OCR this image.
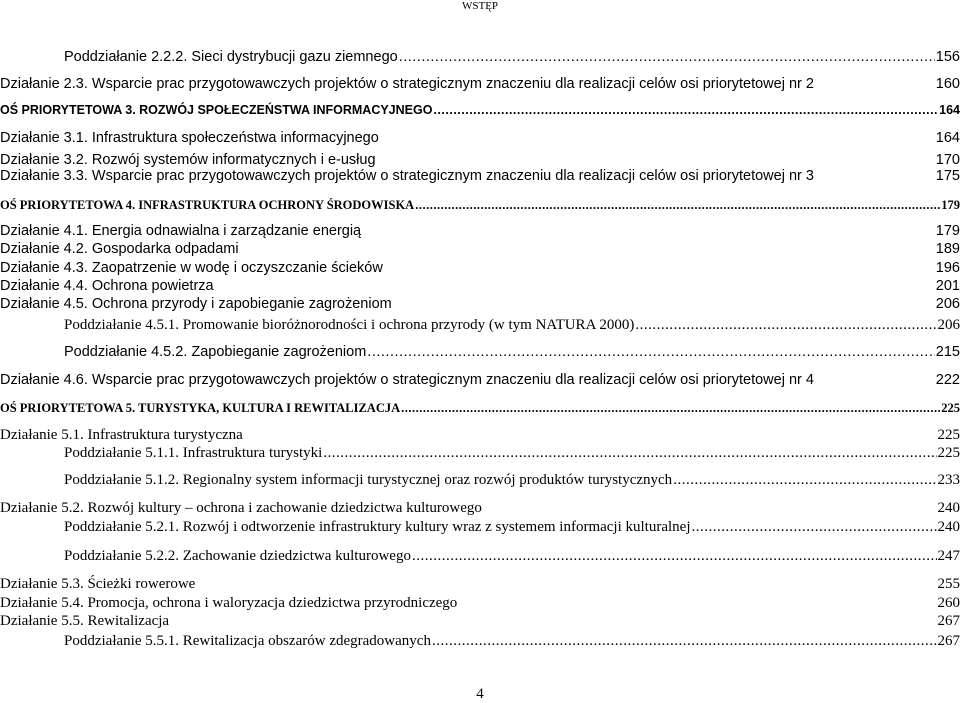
WSTĘP
Poddziałanie 2.2.2. Sieci dystrybucji gazu ziemnego .....	156
Działanie 2.3. Wsparcie prac przygotowawczych projektów o strategicznym znaczeniu dla realizacji celów osi priorytetowej nr 2	160
OŚ PRIORYTETOWA 3. ROZWÓJ SPOŁECZEŃSTWA INFORMACYJNEGO .....	164
Działanie 3.1. Infrastruktura społeczeństwa informacyjnego	164
Działanie 3.2. Rozwój systemów informatycznych i e-usług	170
Działanie 3.3. Wsparcie prac przygotowawczych projektów o strategicznym znaczeniu dla realizacji celów osi priorytetowej nr 3	175
OŚ PRIORYTETOWA 4. INFRASTRUKTURA OCHRONY ŚRODOWISKA .....	179
Działanie 4.1. Energia odnawialna i zarządzanie energią	179
Działanie 4.2. Gospodarka odpadami	189
Działanie 4.3. Zaopatrzenie w wodę i oczyszczanie ścieków	196
Działanie 4.4. Ochrona powietrza	201
Działanie 4.5. Ochrona przyrody i zapobieganie zagrożeniom	206
Poddziałanie 4.5.1. Promowanie bioróżnorodności i ochrona przyrody (w tym NATURA 2000) .....	206
Poddziałanie 4.5.2. Zapobieganie zagrożeniom .....	215
Działanie 4.6. Wsparcie prac przygotowawczych projektów o strategicznym znaczeniu dla realizacji celów osi priorytetowej nr 4	222
OŚ PRIORYTETOWA 5. TURYSTYKA, KULTURA I REWITALIZACJA .....	225
Działanie 5.1. Infrastruktura turystyczna	225
Poddziałanie 5.1.1. Infrastruktura turystyki .....	225
Poddziałanie 5.1.2. Regionalny system informacji turystycznej oraz rozwój produktów turystycznych .....	233
Działanie 5.2. Rozwój kultury – ochrona i zachowanie dziedzictwa kulturowego	240
Poddziałanie 5.2.1. Rozwój i odtworzenie infrastruktury kultury wraz z systemem informacji kulturalnej .....	240
Poddziałanie 5.2.2. Zachowanie dziedzictwa kulturowego .....	247
Działanie 5.3. Ścieżki rowerowe	255
Działanie 5.4. Promocja, ochrona i waloryzacja dziedzictwa przyrodniczego	260
Działanie 5.5. Rewitalizacja	267
Poddziałanie 5.5.1. Rewitalizacja obszarów zdegradowanych .....	267
4
